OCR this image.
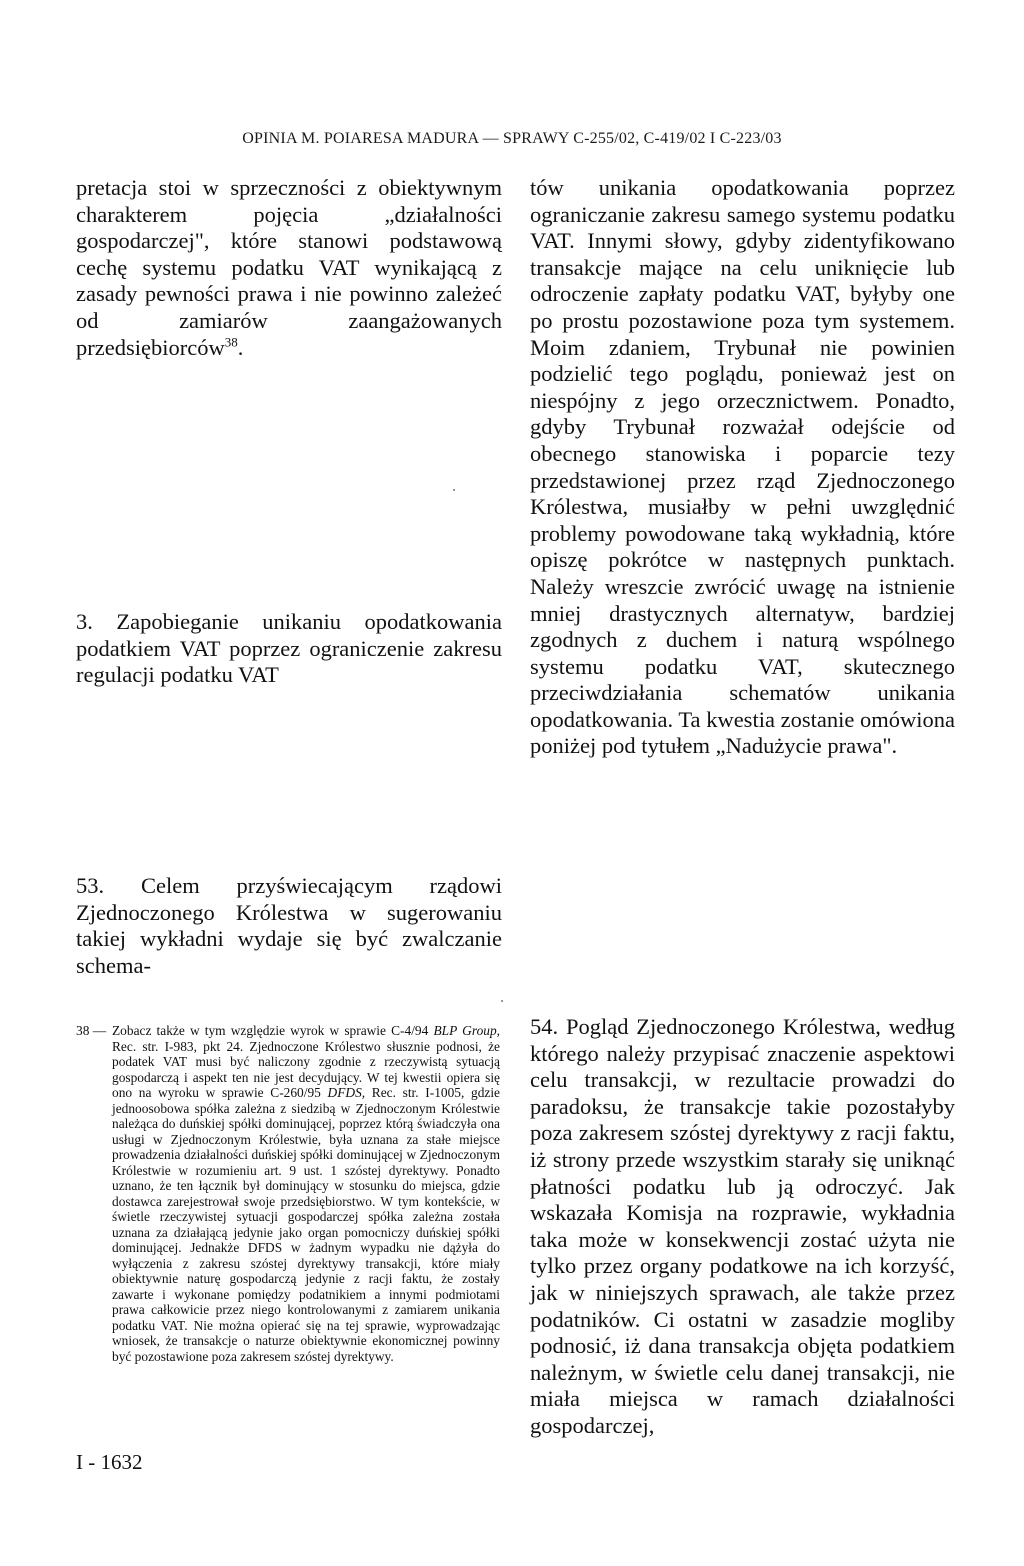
OPINIA M. POIARESA MADURA — SPRAWY C-255/02, C-419/02 I C-223/03
pretacja stoi w sprzeczności z obiektywnym charakterem pojęcia „działalności gospodarczej", które stanowi podstawową cechę systemu podatku VAT wynikającą z zasady pewności prawa i nie powinno zależeć od zamiarów zaangażowanych przedsiębiorców$^{38}$.
3. Zapobieganie unikaniu opodatkowania podatkiem VAT poprzez ograniczenie zakresu regulacji podatku VAT
53. Celem przyświecającym rządowi Zjednoczonego Królestwa w sugerowaniu takiej wykładni wydaje się być zwalczanie schema-
tów unikania opodatkowania poprzez ograniczanie zakresu samego systemu podatku VAT. Innymi słowy, gdyby zidentyfikowano transakcje mające na celu uniknięcie lub odroczenie zapłaty podatku VAT, byłyby one po prostu pozostawione poza tym systemem. Moim zdaniem, Trybunał nie powinien podzielić tego poglądu, ponieważ jest on niespójny z jego orzecznictwem. Ponadto, gdyby Trybunał rozważał odejście od obecnego stanowiska i poparcie tezy przedstawionej przez rząd Zjednoczonego Królestwa, musiałby w pełni uwzględnić problemy powodowane taką wykładnią, które opiszę pokrótce w następnych punktach. Należy wreszcie zwrócić uwagę na istnienie mniej drastycznych alternatyw, bardziej zgodnych z duchem i naturą wspólnego systemu podatku VAT, skutecznego przeciwdziałania schematów unikania opodatkowania. Ta kwestia zostanie omówiona poniżej pod tytułem „Nadużycie prawa".
54. Pogląd Zjednoczonego Królestwa, według którego należy przypisać znaczenie aspektowi celu transakcji, w rezultacie prowadzi do paradoksu, że transakcje takie pozostałyby poza zakresem szóstej dyrektywy z racji faktu, iż strony przede wszystkim starały się uniknąć płatności podatku lub ją odroczyć. Jak wskazała Komisja na rozprawie, wykładnia taka może w konsekwencji zostać użyta nie tylko przez organy podatkowe na ich korzyść, jak w niniejszych sprawach, ale także przez podatników. Ci ostatni w zasadzie mogliby podnosić, iż dana transakcja objęta podatkiem należnym, w świetle celu danej transakcji, nie miała miejsca w ramach działalności gospodarczej,
38 — Zobacz także w tym względzie wyrok w sprawie C-4/94 BLP Group, Rec. str. I-983, pkt 24. Zjednoczone Królestwo słusznie podnosi, że podatek VAT musi być naliczony zgodnie z rzeczywistą sytuacją gospodarczą i aspekt ten nie jest decydujący. W tej kwestii opiera się ono na wyroku w sprawie C-260/95 DFDS, Rec. str. I-1005, gdzie jednoosobowa spółka zależna z siedzibą w Zjednoczonym Królestwie należąca do duńskiej spółki dominującej, poprzez którą świadczyła ona usługi w Zjednoczonym Królestwie, była uznana za stałe miejsce prowadzenia działalności duńskiej spółki dominującej w Zjednoczonym Królestwie w rozumieniu art. 9 ust. 1 szóstej dyrektywy. Ponadto uznano, że ten łącznik był dominujący w stosunku do miejsca, gdzie dostawca zarejestrował swoje przedsiębiorstwo. W tym kontekście, w świetle rzeczywistej sytuacji gospodarczej spółka zależna została uznana za działającą jedynie jako organ pomocniczy duńskiej spółki dominującej. Jednakże DFDS w żadnym wypadku nie dążyła do wyłączenia z zakresu szóstej dyrektywy transakcji, które miały obiektywnie naturę gospodarczą jedynie z racji faktu, że zostały zawarte i wykonane pomiędzy podatnikiem a innymi podmiotami prawa całkowicie przez niego kontrolowanymi z zamiarem unikania podatku VAT. Nie można opierać się na tej sprawie, wyprowadzając wniosek, że transakcje o naturze obiektywnie ekonomicznej powinny być pozostawione poza zakresem szóstej dyrektywy.
I - 1632
